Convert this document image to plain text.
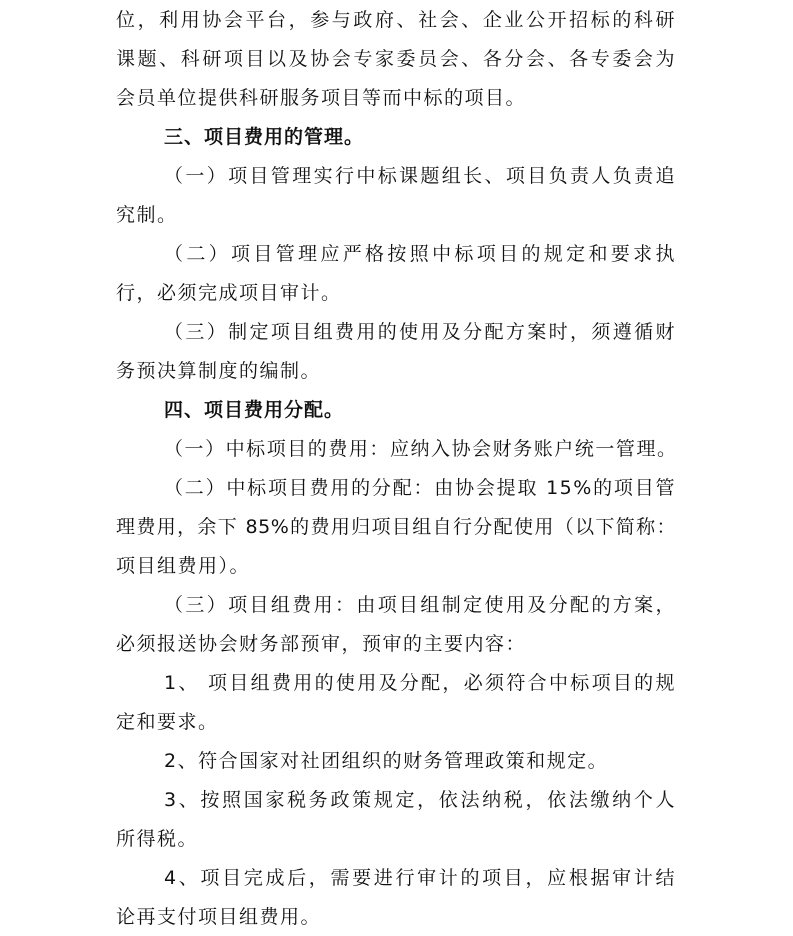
位，利用协会平台，参与政府、社会、企业公开招标的科研
课题、科研项目以及协会专家委员会、各分会、各专委会为
会员单位提供科研服务项目等而中标的项目。
三、项目费用的管理。
（一）项目管理实行中标课题组长、项目负责人负责追
究制。
（二）项目管理应严格按照中标项目的规定和要求执
行，必须完成项目审计。
（三）制定项目组费用的使用及分配方案时，须遵循财
务预决算制度的编制。
四、项目费用分配。
（一）中标项目的费用：应纳入协会财务账户统一管理。
（二）中标项目费用的分配：由协会提取 15%的项目管
理费用，余下 85%的费用归项目组自行分配使用（以下简称：
项目组费用）。
（三）项目组费用：由项目组制定使用及分配的方案，
必须报送协会财务部预审，预审的主要内容：
1、 项目组费用的使用及分配，必须符合中标项目的规
定和要求。
2、符合国家对社团组织的财务管理政策和规定。
3、按照国家税务政策规定，依法纳税，依法缴纳个人
所得税。
4、项目完成后，需要进行审计的项目，应根据审计结
论再支付项目组费用。
